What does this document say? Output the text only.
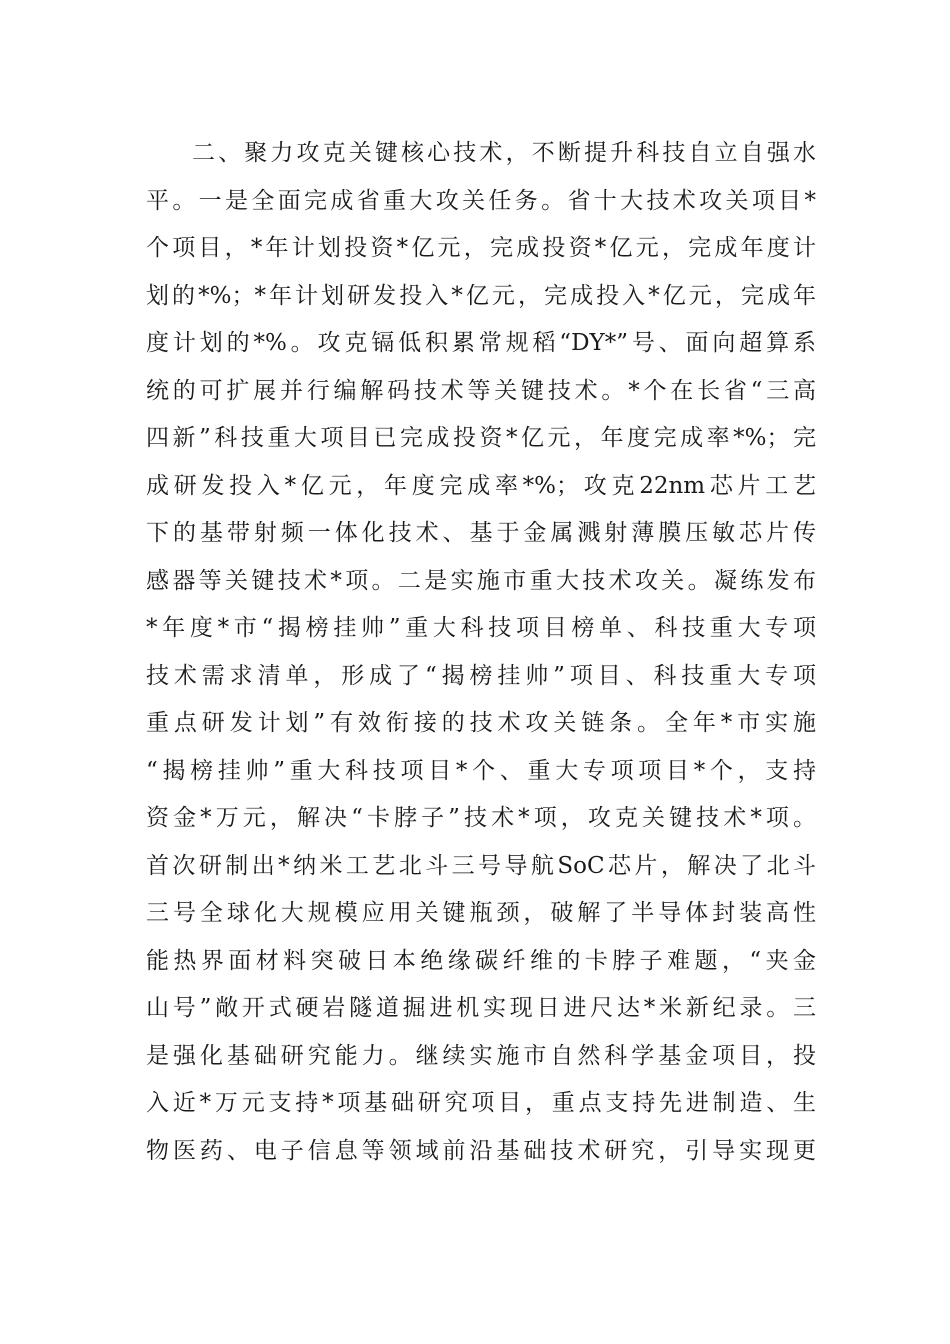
二、聚力攻克关键核心技术，不断提升科技自立自强水
平。一是全面完成省重大攻关任务。省十大技术攻关项目*
个项目，*年计划投资*亿元，完成投资*亿元，完成年度计
划的*%；*年计划研发投入*亿元，完成投入*亿元，完成年
度计划的*%。攻克镉低积累常规稻“DY*”号、面向超算系
统的可扩展并行编解码技术等关键技术。*个在长省“三高
四新”科技重大项目已完成投资*亿元，年度完成率*%；完
成研发投入*亿元，年度完成率*%；攻克22nm芯片工艺
下的基带射频一体化技术、基于金属溅射薄膜压敏芯片传
感器等关键技术*项。二是实施市重大技术攻关。凝练发布
*年度*市“揭榜挂帅”重大科技项目榜单、科技重大专项
技术需求清单，形成了“揭榜挂帅”项目、科技重大专项
重点研发计划”有效衔接的技术攻关链条。全年*市实施
“揭榜挂帅”重大科技项目*个、重大专项项目*个，支持
资金*万元，解决“卡脖子”技术*项，攻克关键技术*项。
首次研制出*纳米工艺北斗三号导航SoC芯片，解决了北斗
三号全球化大规模应用关键瓶颈，破解了半导体封装高性
能热界面材料突破日本绝缘碳纤维的卡脖子难题，“夹金
山号”敞开式硬岩隧道掘进机实现日进尺达*米新纪录。三
是强化基础研究能力。继续实施市自然科学基金项目，投
入近*万元支持*项基础研究项目，重点支持先进制造、生
物医药、电子信息等领域前沿基础技术研究，引导实现更
